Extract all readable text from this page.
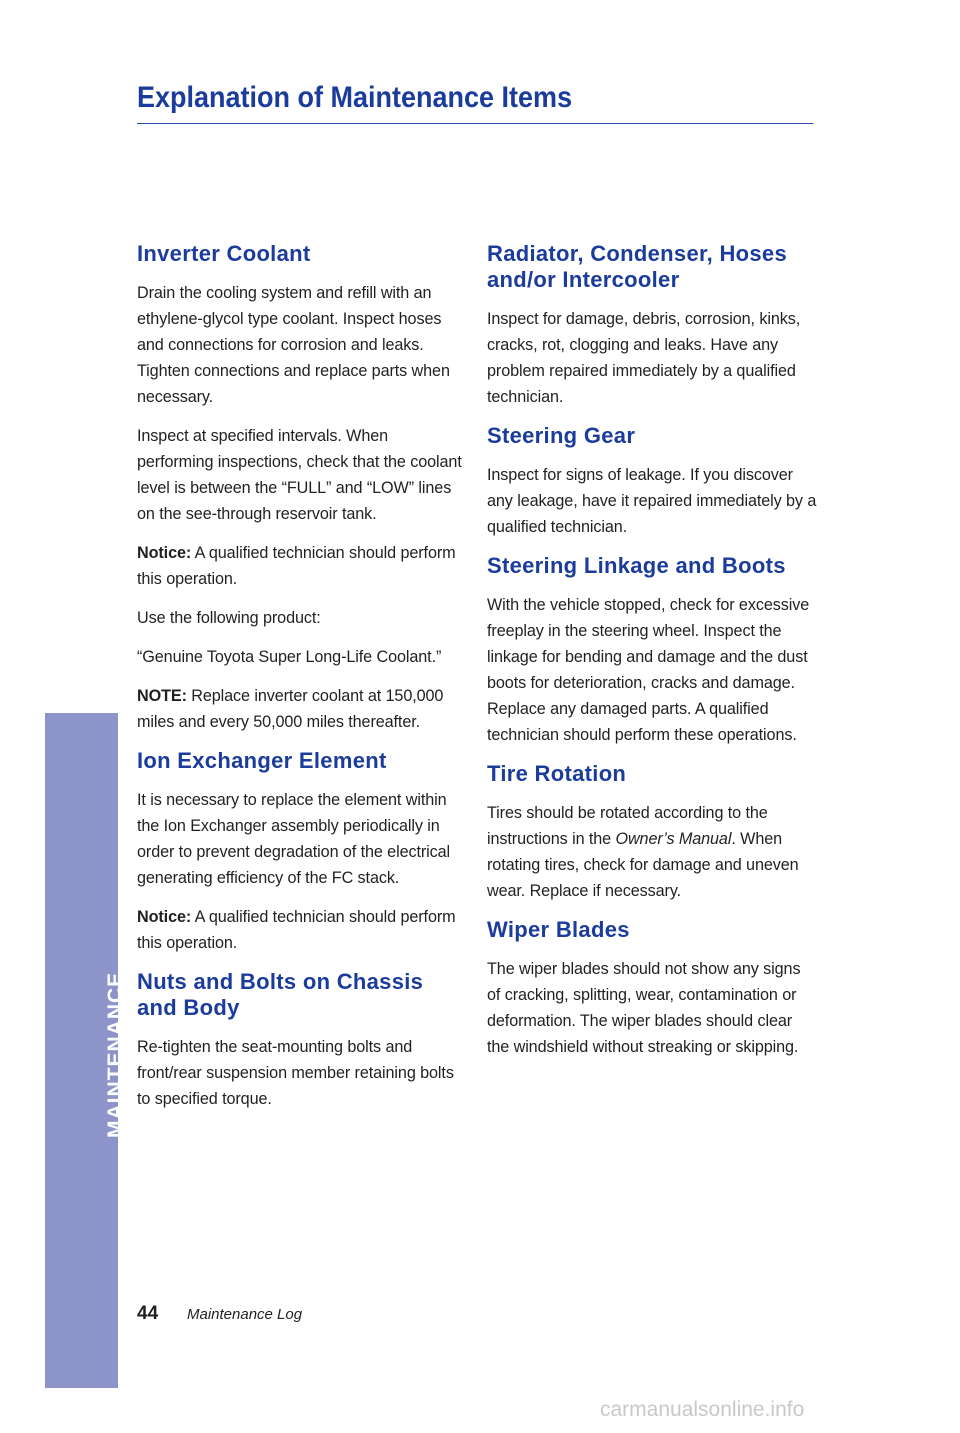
Explanation of Maintenance Items
MAINTENANCE
Inverter Coolant

Drain the cooling system and refill with an ethylene-glycol type coolant. Inspect hoses and connections for corrosion and leaks. Tighten connections and replace parts when necessary.

Inspect at specified intervals. When performing inspections, check that the coolant level is between the “FULL” and “LOW” lines on the see-through reservoir tank.

Notice: A qualified technician should perform this operation.

Use the following product:

“Genuine Toyota Super Long-Life Coolant.”

NOTE: Replace inverter coolant at 150,000 miles and every 50,000 miles thereafter.

Ion Exchanger Element

It is necessary to replace the element within the Ion Exchanger assembly periodically in order to prevent degradation of the electrical generating efficiency of the FC stack.

Notice: A qualified technician should perform this operation.

Nuts and Bolts on Chassis and Body

Re-tighten the seat-mounting bolts and front/rear suspension member retaining bolts to specified torque.

Radiator, Condenser, Hoses and/or Intercooler

Inspect for damage, debris, corrosion, kinks, cracks, rot, clogging and leaks. Have any problem repaired immediately by a qualified technician.

Steering Gear

Inspect for signs of leakage. If you discover any leakage, have it repaired immediately by a qualified technician.

Steering Linkage and Boots

With the vehicle stopped, check for excessive freeplay in the steering wheel. Inspect the linkage for bending and damage and the dust boots for deterioration, cracks and damage. Replace any damaged parts. A qualified technician should perform these operations.

Tire Rotation

Tires should be rotated according to the instructions in the Owner’s Manual. When rotating tires, check for damage and uneven wear. Replace if necessary.

Wiper Blades

The wiper blades should not show any signs of cracking, splitting, wear, contamination or deformation. The wiper blades should clear the windshield without streaking or skipping.

44 Maintenance Log
carmanualsonline.info
